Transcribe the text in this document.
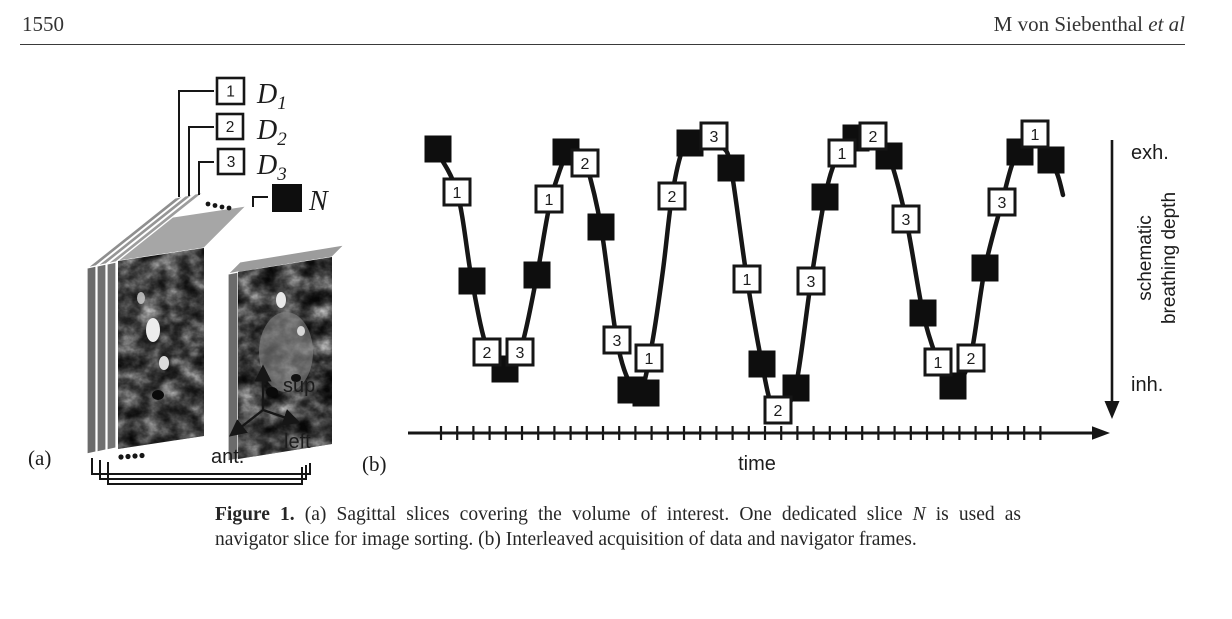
1550	M von Siebenthal et al
1
2
3
$D_1$
$D_2$
$D_3$
N
sup.
left
ant.
(a)
1
2 3
1
2
3
1
2
3
1
2
3
1
2
3
1 2
3
1
exh.
inh.
schematic breathing depth
time
(b)
Figure 1. (a) Sagittal slices covering the volume of interest. One dedicated slice N is used as
navigator slice for image sorting. (b) Interleaved acquisition of data and navigator frames.
